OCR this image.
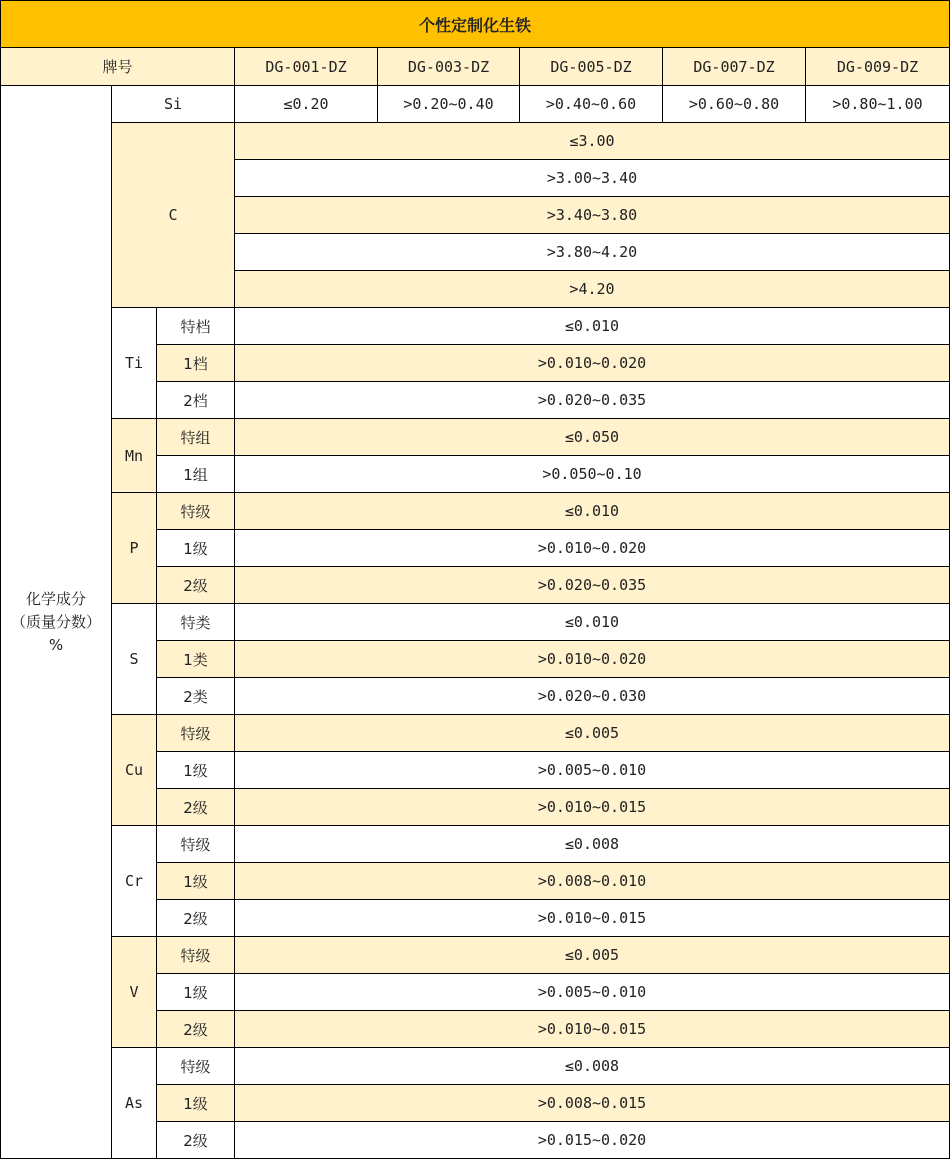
个性定制化生铁							
牌号			DG-001-DZ	DG-003-DZ	DG-005-DZ	DG-007-DZ	DG-009-DZ

化学成分
（质量分数）
%	Si		≤0.20	>0.20~0.40	>0.40~0.60	>0.60~0.80	>0.80~1.00
	C		≤3.00				
			>3.00~3.40				
			>3.40~3.80				
			>3.80~4.20				
			>4.20				
	Ti	特档	≤0.010				
		1档	>0.010~0.020				
		2档	>0.020~0.035				
	Mn	特组	≤0.050				
		1组	>0.050~0.10				
	P	特级	≤0.010				
		1级	>0.010~0.020				
		2级	>0.020~0.035				
	S	特类	≤0.010				
		1类	>0.010~0.020				
		2类	>0.020~0.030				
	Cu	特级	≤0.005				
		1级	>0.005~0.010				
		2级	>0.010~0.015				
	Cr	特级	≤0.008				
		1级	>0.008~0.010				
		2级	>0.010~0.015				
	V	特级	≤0.005				
		1级	>0.005~0.010				
		2级	>0.010~0.015				
	As	特级	≤0.008				
		1级	>0.008~0.015				
		2级	>0.015~0.020				
